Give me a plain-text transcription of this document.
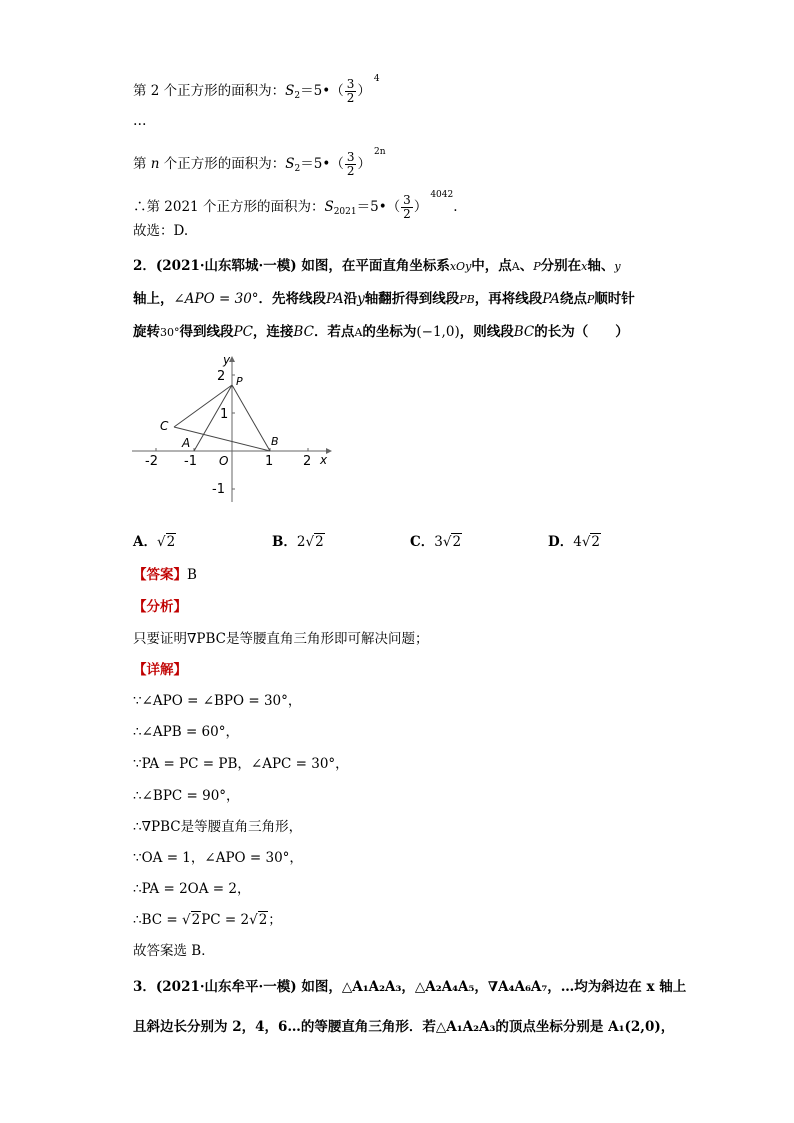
第 2 个正方形的面积为：$S_2=5•( \frac{3}{2} )^4$
…
第 n 个正方形的面积为：$S_2=5•( \frac{3}{2} )^{2n}$
∴第 2021 个正方形的面积为：$S_{2021}=5•( \frac{3}{2} )^{4042}$.
故选：D.
2．(2021·山东郓城·一模) 如图，在平面直角坐标系xOy中，点A、P分别在x轴、y
轴上，∠APO = 30°．先将线段PA沿y轴翻折得到线段PB，再将线段PA绕点P顺时针
旋转30°得到线段PC，连接BC．若点A的坐标为(−1,0)，则线段BC的长为（　　）
y
x
P
C
A	B
O
2
1
-1
-2 -1	1 2
A．√2	B．2√2	C．3√2	D．4√2
【答案】B
【分析】
只要证明∇PBC是等腰直角三角形即可解决问题；
【详解】
∵∠APO = ∠BPO = 30°，
∴∠APB = 60°，
∵PA = PC = PB，∠APC = 30°，
∴∠BPC = 90°，
∴∇PBC是等腰直角三角形，
∵OA = 1，∠APO = 30°，
∴PA = 2OA = 2，
∴BC = √2PC = 2√2；
故答案选 B．
3．(2021·山东牟平·一模) 如图，△A₁A₂A₃，△A₂A₄A₅，∇A₄A₆A₇，…均为斜边在 x 轴上
且斜边长分别为 2，4，6…的等腰直角三角形．若△A₁A₂A₃的顶点坐标分别是 A₁(2,0)，
